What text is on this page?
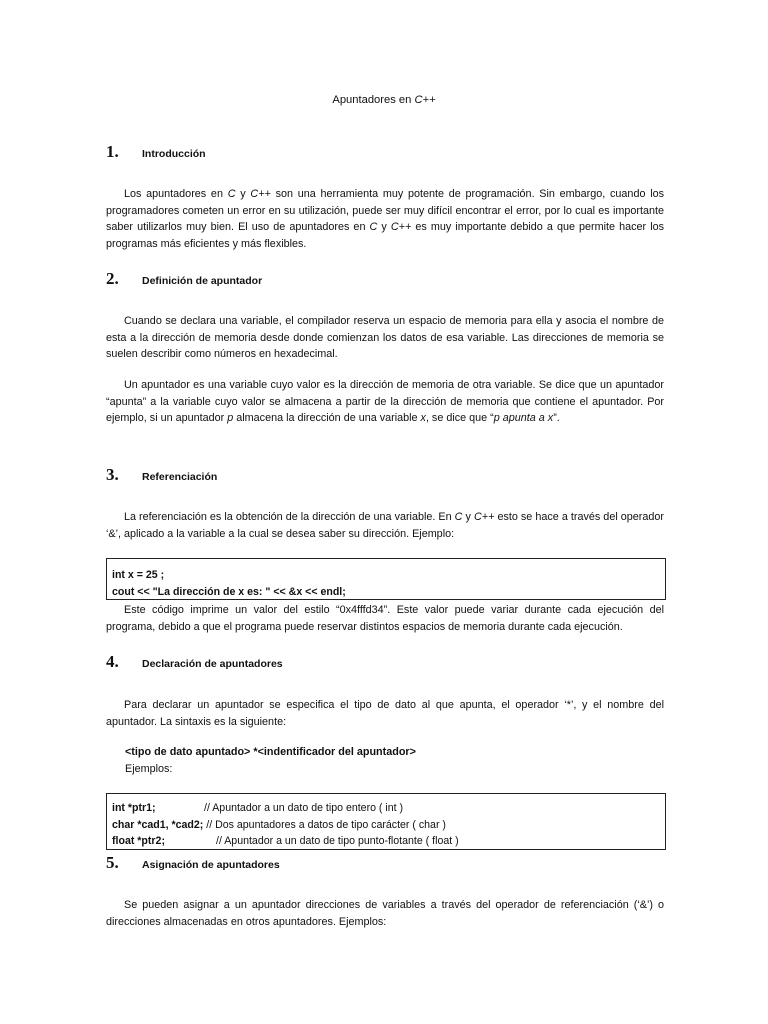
Apuntadores en C++
1.	Introducción
Los apuntadores en C y C++ son una herramienta muy potente de programación. Sin embargo, cuando los programadores cometen un error en su utilización, puede ser muy difícil encontrar el error, por lo cual es importante saber utilizarlos muy bien. El uso de apuntadores en C y C++ es muy importante debido a que permite hacer los programas más eficientes y más flexibles.
2.	Definición de apuntador
Cuando se declara una variable, el compilador reserva un espacio de memoria para ella y asocia el nombre de esta a la dirección de memoria desde donde comienzan los datos de esa variable. Las direcciones de memoria se suelen describir como números en hexadecimal.
Un apuntador es una variable cuyo valor es la dirección de memoria de otra variable. Se dice que un apuntador “apunta” a la variable cuyo valor se almacena a partir de la dirección de memoria que contiene el apuntador. Por ejemplo, si un apuntador p almacena la dirección de una variable x, se dice que “p apunta a x”.
3.	Referenciación
La referenciación es la obtención de la dirección de una variable. En C y C++ esto se hace a través del operador ‘&’, aplicado a la variable a la cual se desea saber su dirección. Ejemplo:
int x = 25 ;
cout << "La dirección de x es: " << &x << endl;
Este código imprime un valor del estilo “0x4fffd34”. Este valor puede variar durante cada ejecución del programa, debido a que el programa puede reservar distintos espacios de memoria durante cada ejecución.
4.	Declaración de apuntadores
Para declarar un apuntador se especifica el tipo de dato al que apunta, el operador ‘*’, y el nombre del apuntador. La sintaxis es la siguiente:
<tipo de dato apuntado> *<indentificador del apuntador>
Ejemplos:
int *ptr1;	// Apuntador a un dato de tipo entero ( int )
char *cad1, *cad2; // Dos apuntadores a datos de tipo carácter ( char )
float *ptr2;	// Apuntador a un dato de tipo punto-flotante ( float )
5.	Asignación de apuntadores
Se pueden asignar a un apuntador direcciones de variables a través del operador de referenciación (‘&’) o direcciones almacenadas en otros apuntadores. Ejemplos:
